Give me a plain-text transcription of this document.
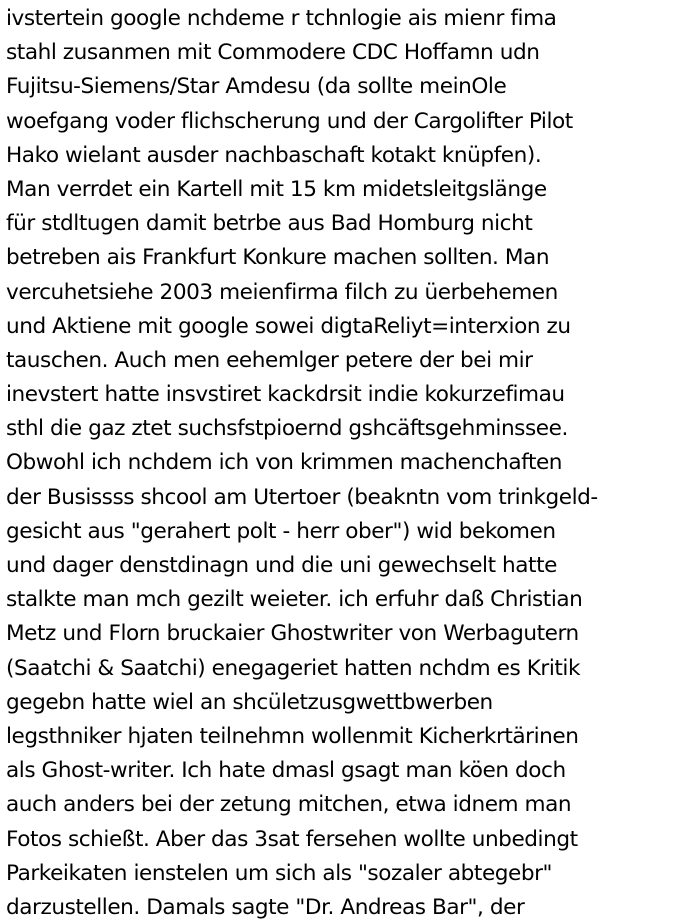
ivstertein google nchdeme r tchnlogie ais mienr fima
stahl zusanmen mit Commodere CDC Hoffamn udn
Fujitsu-Siemens/Star Amdesu (da sollte meinOle
woefgang voder flichscherung und der Cargolifter Pilot
Hako wielant ausder nachbaschaft kotakt knüpfen).
Man verrdet ein Kartell mit 15 km midetsleitgslänge
für stdltugen damit betrbe aus Bad Homburg nicht
betreben ais Frankfurt Konkure machen sollten. Man
vercuhetsiehe 2003 meienfirma filch zu üerbehemen
und Aktiene mit google sowei digtaReliyt=interxion zu
tauschen. Auch men eehemlger petere der bei mir
inevstert hatte insvstiret kackdrsit indie kokurzefimau
sthl die gaz ztet suchsfstpioernd gshcäftsgehminssee.
Obwohl ich nchdem ich von krimmen machenchaften
der Busissss shcool am Utertoer (beakntn vom trinkgeld-
gesicht aus "gerahert polt - herr ober") wid bekomen
und dager denstdinagn und die uni gewechselt hatte
stalkte man mch gezilt weieter. ich erfuhr daß Christian
Metz und Florn bruckaier Ghostwriter von Werbagutern
(Saatchi & Saatchi) enegageriet hatten nchdm es Kritik
gegebn hatte wiel an shcületzusgwettbwerben
legsthniker hjaten teilnehmn wollenmit Kicherkrtärinen
als Ghost-writer. Ich hate dmasl gsagt man köen doch
auch anders bei der zetung mitchen, etwa idnem man
Fotos schießt. Aber das 3sat fersehen wollte unbedingt
Parkeikaten ienstelen um sich als "sozaler abtegebr"
darzustellen. Damals sagte "Dr. Andreas Bar", der
